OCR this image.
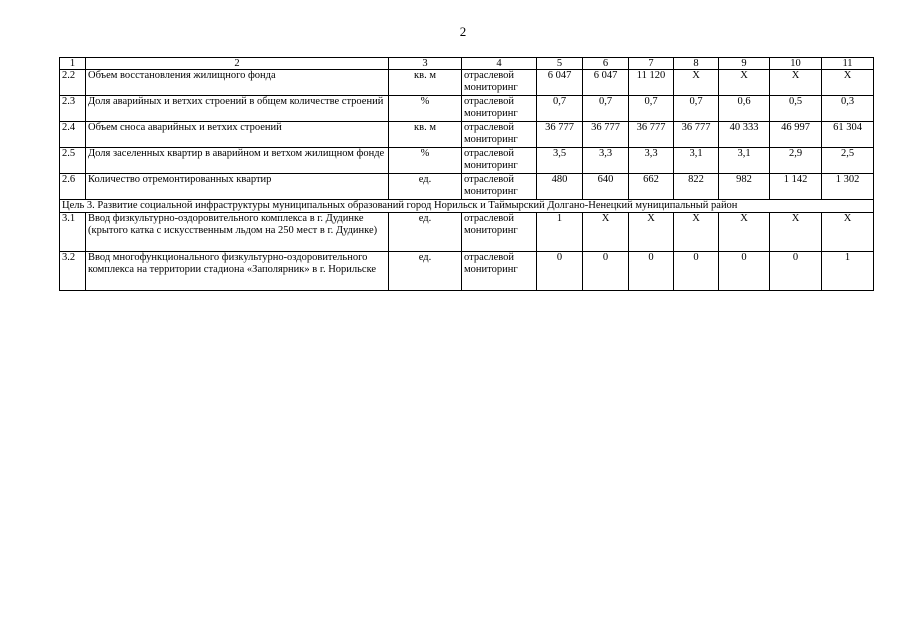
2
1	2	3	4	5	6	7	8	9	10	11
2.2	Объем восстановления жилищного фонда	кв. м	отраслевой мониторинг	6 047	6 047	11 120	Х	Х	Х	Х
2.3	Доля аварийных и ветхих строений в общем количестве строений	%	отраслевой мониторинг	0,7	0,7	0,7	0,7	0,6	0,5	0,3
2.4	Объем сноса аварийных и ветхих строений	кв. м	отраслевой мониторинг	36 777	36 777	36 777	36 777	40 333	46 997	61 304
2.5	Доля заселенных квартир в аварийном и ветхом жилищном фонде	%	отраслевой мониторинг	3,5	3,3	3,3	3,1	3,1	2,9	2,5
2.6	Количество отремонтированных квартир	ед.	отраслевой мониторинг	480	640	662	822	982	1 142	1 302
Цель 3. Развитие социальной инфраструктуры муниципальных образований город Норильск и Таймырский Долгано-Ненецкий муниципальный район										
3.1	Ввод физкультурно-оздоровительного комплекса в г. Дудинке (крытого катка с искусственным льдом на 250 мест в г. Дудинке)	ед.	отраслевой мониторинг	1	Х	Х	Х	Х	Х	Х
3.2	Ввод многофункционального физкультурно-оздоровительного комплекса на территории стадиона «Заполярник» в г. Норильске	ед.	отраслевой мониторинг	0	0	0	0	0	0	1
